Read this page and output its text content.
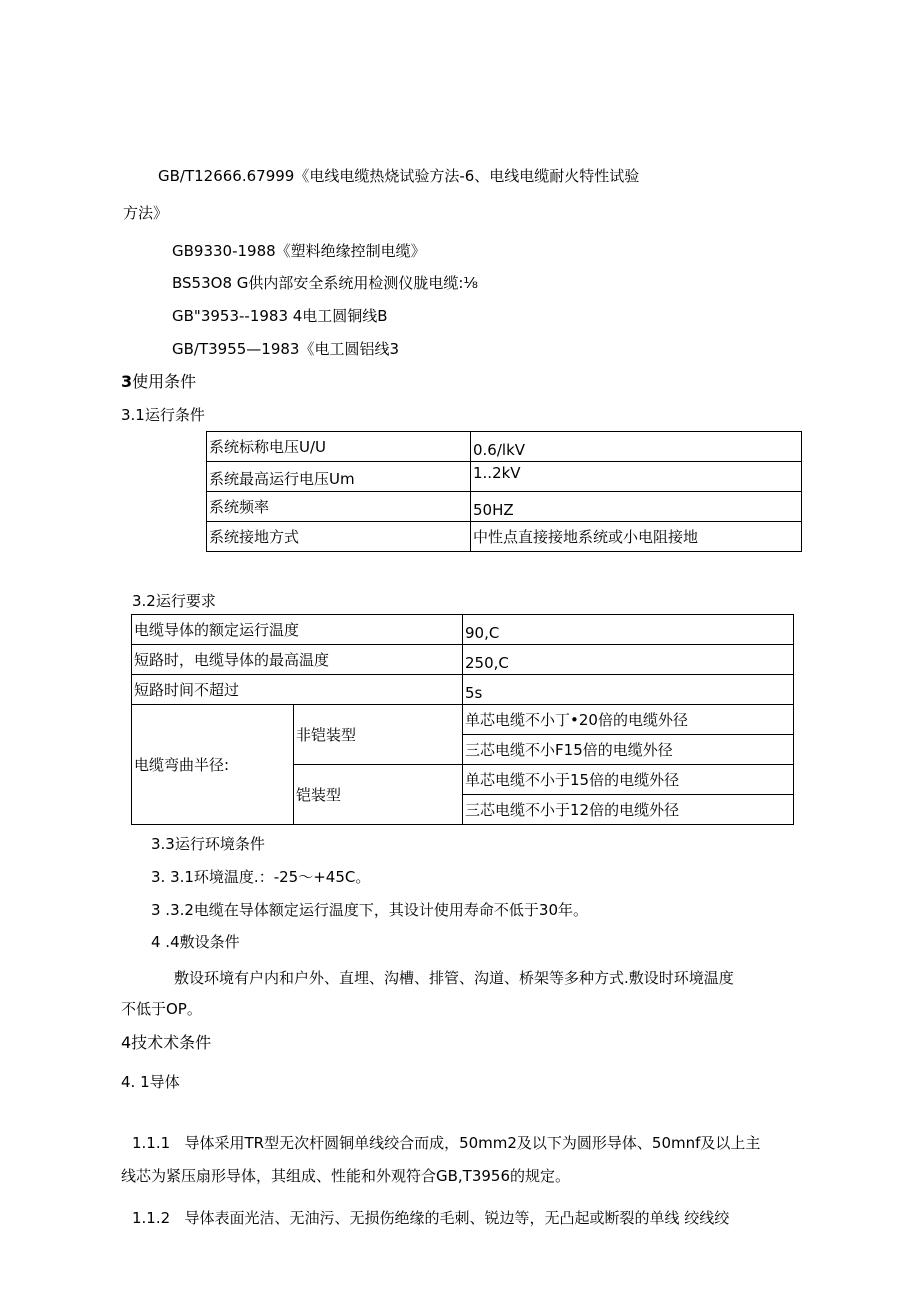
GB/T12666.67999《电线电缆热烧试验方法-6、电线电缆耐火特性试验
方法》
GB9330-1988《塑料绝缘控制电缆》
BS53O8 G供内部安全系统用检测仪胧电缆:⅛
GB"3953--1983 4电工圆铜线B
GB/T3955—1983《电工圆铝线3
3使用条件
3.1运行条件
系统标称电压U/U	0.6/lkV
系统最高运行电压Um	1..2kV
系统频率	50HZ
系统接地方式	中性点直接接地系统或小电阻接地
3.2运行要求
电缆导体的额定运行温度		90,C
短路时，电缆导体的最高温度		250,C
短路时间不超过		5s
电缆弯曲半径:	非铠装型	单芯电缆不小丁•20倍的电缆外径
		三芯电缆不小F15倍的电缆外径
	铠装型	单芯电缆不小于15倍的电缆外径
		三芯电缆不小于12倍的电缆外径
3.3运行环境条件
3. 3.1环境温度.：-25～+45C。
3 .3.2电缆在导体额定运行温度下，其设计使用寿命不低于30年。
4 .4敷设条件
敷设环境有户内和户外、直埋、沟槽、排管、沟道、桥架等多种方式.敷设时环境温度
不低于OP。
4技术术条件
4. 1导体
1.1.1 导体采用TR型无次杆圆铜单线绞合而成，50mm2及以下为圆形导体、50mnf及以上主
线芯为紧压扇形导体，其组成、性能和外观符合GB,T3956的规定。
1.1.2 导体表面光洁、无油污、无损伤绝缘的毛刺、锐边等，无凸起或断裂的单线 绞线绞
